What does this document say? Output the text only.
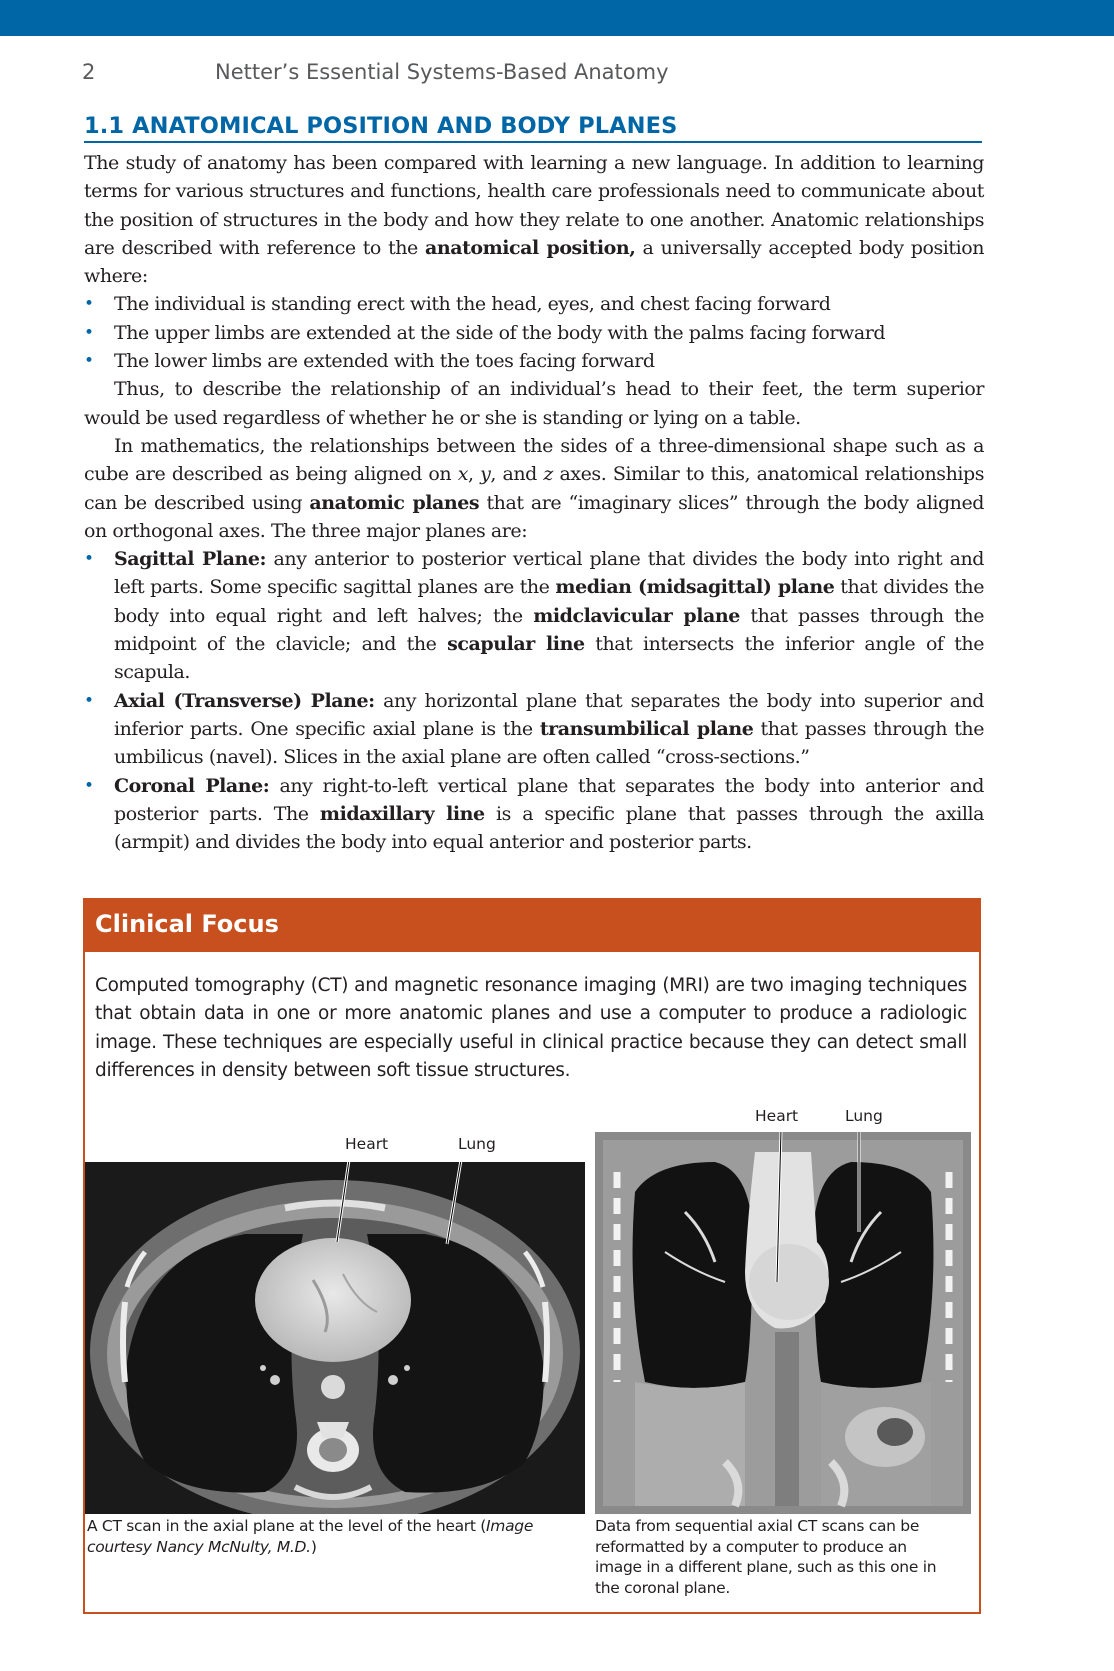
2	Netter’s Essential Systems-Based Anatomy
1.1 ANATOMICAL POSITION AND BODY PLANES

The study of anatomy has been compared with learning a new language. In addition to learning terms for various structures and functions, health care professionals need to communicate about the position of structures in the body and how they relate to one another. Anatomic relationships are described with reference to the anatomical position, a universally accepted body position where:

• The individual is standing erect with the head, eyes, and chest facing forward
• The upper limbs are extended at the side of the body with the palms facing forward
• The lower limbs are extended with the toes facing forward

Thus, to describe the relationship of an individual’s head to their feet, the term superior would be used regardless of whether he or she is standing or lying on a table.

In mathematics, the relationships between the sides of a three-dimensional shape such as a cube are described as being aligned on x, y, and z axes. Similar to this, anatomical relationships can be described using anatomic planes that are “imaginary slices” through the body aligned on orthogonal axes. The three major planes are:

• Sagittal Plane: any anterior to posterior vertical plane that divides the body into right and left parts. Some specific sagittal planes are the median (midsagittal) plane that divides the body into equal right and left halves; the midclavicular plane that passes through the midpoint of the clavicle; and the scapular line that intersects the inferior angle of the scapula.
• Axial (Transverse) Plane: any horizontal plane that separates the body into superior and inferior parts. One specific axial plane is the transumbilical plane that passes through the umbilicus (navel). Slices in the axial plane are often called “cross-sections.”
• Coronal Plane: any right-to-left vertical plane that separates the body into anterior and posterior parts. The midaxillary line is a specific plane that passes through the axilla (armpit) and divides the body into equal anterior and posterior parts.
Clinical Focus
Computed tomography (CT) and magnetic resonance imaging (MRI) are two imaging techniques that obtain data in one or more anatomic planes and use a computer to produce a radiologic image. These techniques are especially useful in clinical practice because they can detect small differences in density between soft tissue structures.
Heart	Lung
A CT scan in the axial plane at the level of the heart (Image courtesy Nancy McNulty, M.D.)
Heart	Lung
Data from sequential axial CT scans can be reformatted by a computer to produce an image in a different plane, such as this one in the coronal plane.
